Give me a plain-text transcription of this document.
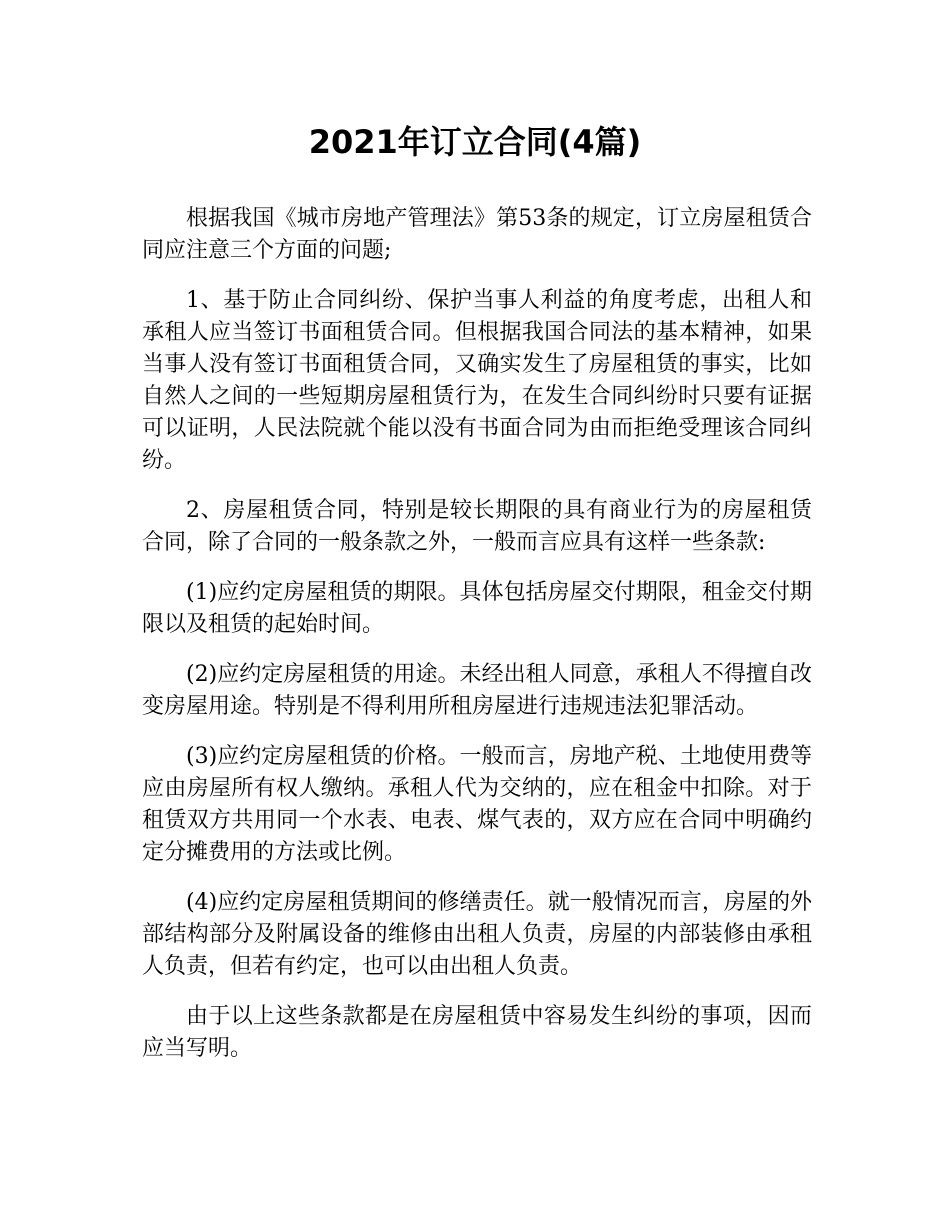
2021年订立合同(4篇)

根据我国《城市房地产管理法》第53条的规定，订立房屋租赁合同应注意三个方面的问题;

1、基于防止合同纠纷、保护当事人利益的角度考虑，出租人和承租人应当签订书面租赁合同。但根据我国合同法的基本精神，如果当事人没有签订书面租赁合同，又确实发生了房屋租赁的事实，比如自然人之间的一些短期房屋租赁行为，在发生合同纠纷时只要有证据可以证明，人民法院就个能以没有书面合同为由而拒绝受理该合同纠纷。

2、房屋租赁合同，特别是较长期限的具有商业行为的房屋租赁合同，除了合同的一般条款之外，一般而言应具有这样一些条款:

(1)应约定房屋租赁的期限。具体包括房屋交付期限，租金交付期限以及租赁的起始时间。

(2)应约定房屋租赁的用途。未经出租人同意，承租人不得擅自改变房屋用途。特别是不得利用所租房屋进行违规违法犯罪活动。

(3)应约定房屋租赁的价格。一般而言，房地产税、土地使用费等应由房屋所有权人缴纳。承租人代为交纳的，应在租金中扣除。对于租赁双方共用同一个水表、电表、煤气表的，双方应在合同中明确约定分摊费用的方法或比例。

(4)应约定房屋租赁期间的修缮责任。就一般情况而言，房屋的外部结构部分及附属设备的维修由出租人负责，房屋的内部装修由承租人负责，但若有约定，也可以由出租人负责。

由于以上这些条款都是在房屋租赁中容易发生纠纷的事项，因而应当写明。
